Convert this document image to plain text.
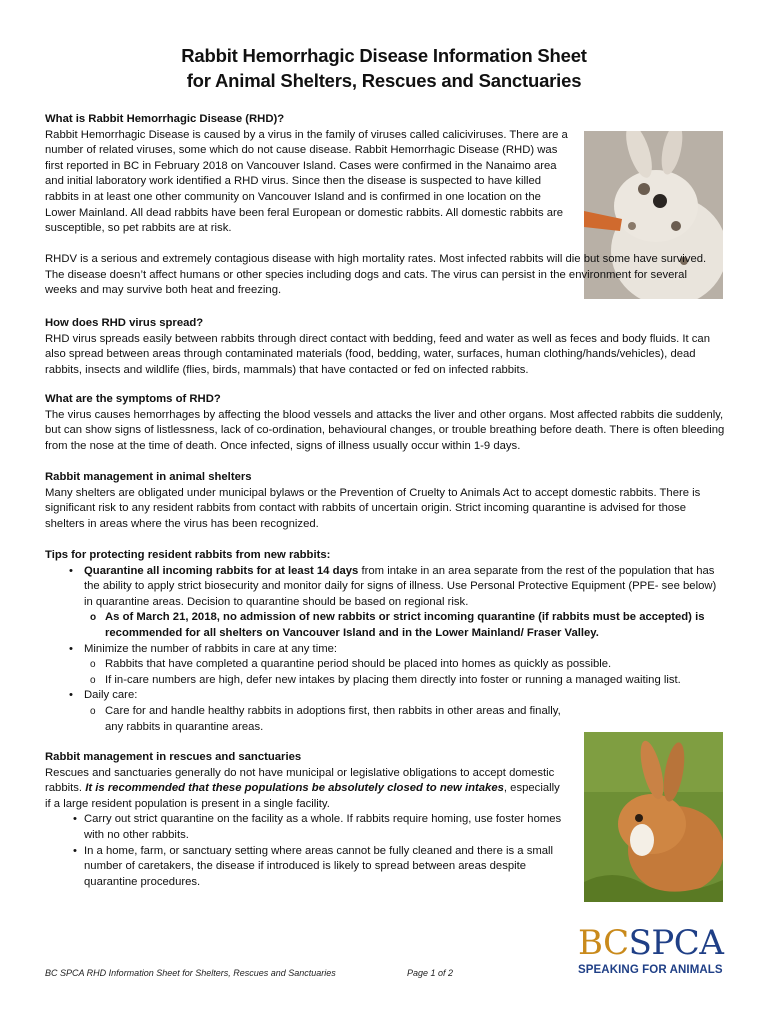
Rabbit Hemorrhagic Disease Information Sheet
for Animal Shelters, Rescues and Sanctuaries

What is Rabbit Hemorrhagic Disease (RHD)?

Rabbit Hemorrhagic Disease is caused by a virus in the family of viruses called caliciviruses. There are a number of related viruses, some which do not cause disease. Rabbit Hemorrhagic Disease (RHD) was first reported in BC in February 2018 on Vancouver Island. Cases were confirmed in the Nanaimo area and initial laboratory work identified a RHD virus. Since then the disease is suspected to have killed rabbits in at least one other community on Vancouver Island and is confirmed in one location on the Lower Mainland. All dead rabbits have been feral European or domestic rabbits. All domestic rabbits are susceptible, so pet rabbits are at risk.

RHDV is a serious and extremely contagious disease with high mortality rates. Most infected rabbits will die but some have survived. The disease doesn’t affect humans or other species including dogs and cats. The virus can persist in the environment for several weeks and may survive both heat and freezing.

How does RHD virus spread?

RHD virus spreads easily between rabbits through direct contact with bedding, feed and water as well as feces and body fluids. It can also spread between areas through contaminated materials (food, bedding, water, surfaces, human clothing/hands/vehicles), dead rabbits, insects and wildlife (flies, birds, mammals) that have contacted or fed on infected rabbits.

What are the symptoms of RHD?

The virus causes hemorrhages by affecting the blood vessels and attacks the liver and other organs. Most affected rabbits die suddenly, but can show signs of listlessness, lack of co-ordination, behavioural changes, or trouble breathing before death. There is often bleeding from the nose at the time of death. Once infected, signs of illness usually occur within 1-9 days.

Rabbit management in animal shelters

Many shelters are obligated under municipal bylaws or the Prevention of Cruelty to Animals Act to accept domestic rabbits. There is significant risk to any resident rabbits from contact with rabbits of uncertain origin. Strict incoming quarantine is advised for those shelters in areas where the virus has been recognized.

Tips for protecting resident rabbits from new rabbits:

• Quarantine all incoming rabbits for at least 14 days from intake in an area separate from the rest of the population that has the ability to apply strict biosecurity and monitor daily for signs of illness. Use Personal Protective Equipment (PPE- see below) in quarantine areas. Decision to quarantine should be based on regional risk.
o As of March 21, 2018, no admission of new rabbits or strict incoming quarantine (if rabbits must be accepted) is recommended for all shelters on Vancouver Island and in the Lower Mainland/ Fraser Valley.
• Minimize the number of rabbits in care at any time:
o Rabbits that have completed a quarantine period should be placed into homes as quickly as possible.
o If in-care numbers are high, defer new intakes by placing them directly into foster or running a managed waiting list.
• Daily care:
o Care for and handle healthy rabbits in adoptions first, then rabbits in other areas and finally, any rabbits in quarantine areas.

Rabbit management in rescues and sanctuaries

Rescues and sanctuaries generally do not have municipal or legislative obligations to accept domestic rabbits. It is recommended that these populations be absolutely closed to new intakes, especially if a large resident population is present in a single facility.

• Carry out strict quarantine on the facility as a whole. If rabbits require homing, use foster homes with no other rabbits.
• In a home, farm, or sanctuary setting where areas cannot be fully cleaned and there is a small number of caretakers, the disease if introduced is likely to spread between areas despite quarantine procedures.
BCSPCA
SPEAKING FOR ANIMALS
BC SPCA RHD Information Sheet for Shelters, Rescues and Sanctuaries	Page 1 of 2
